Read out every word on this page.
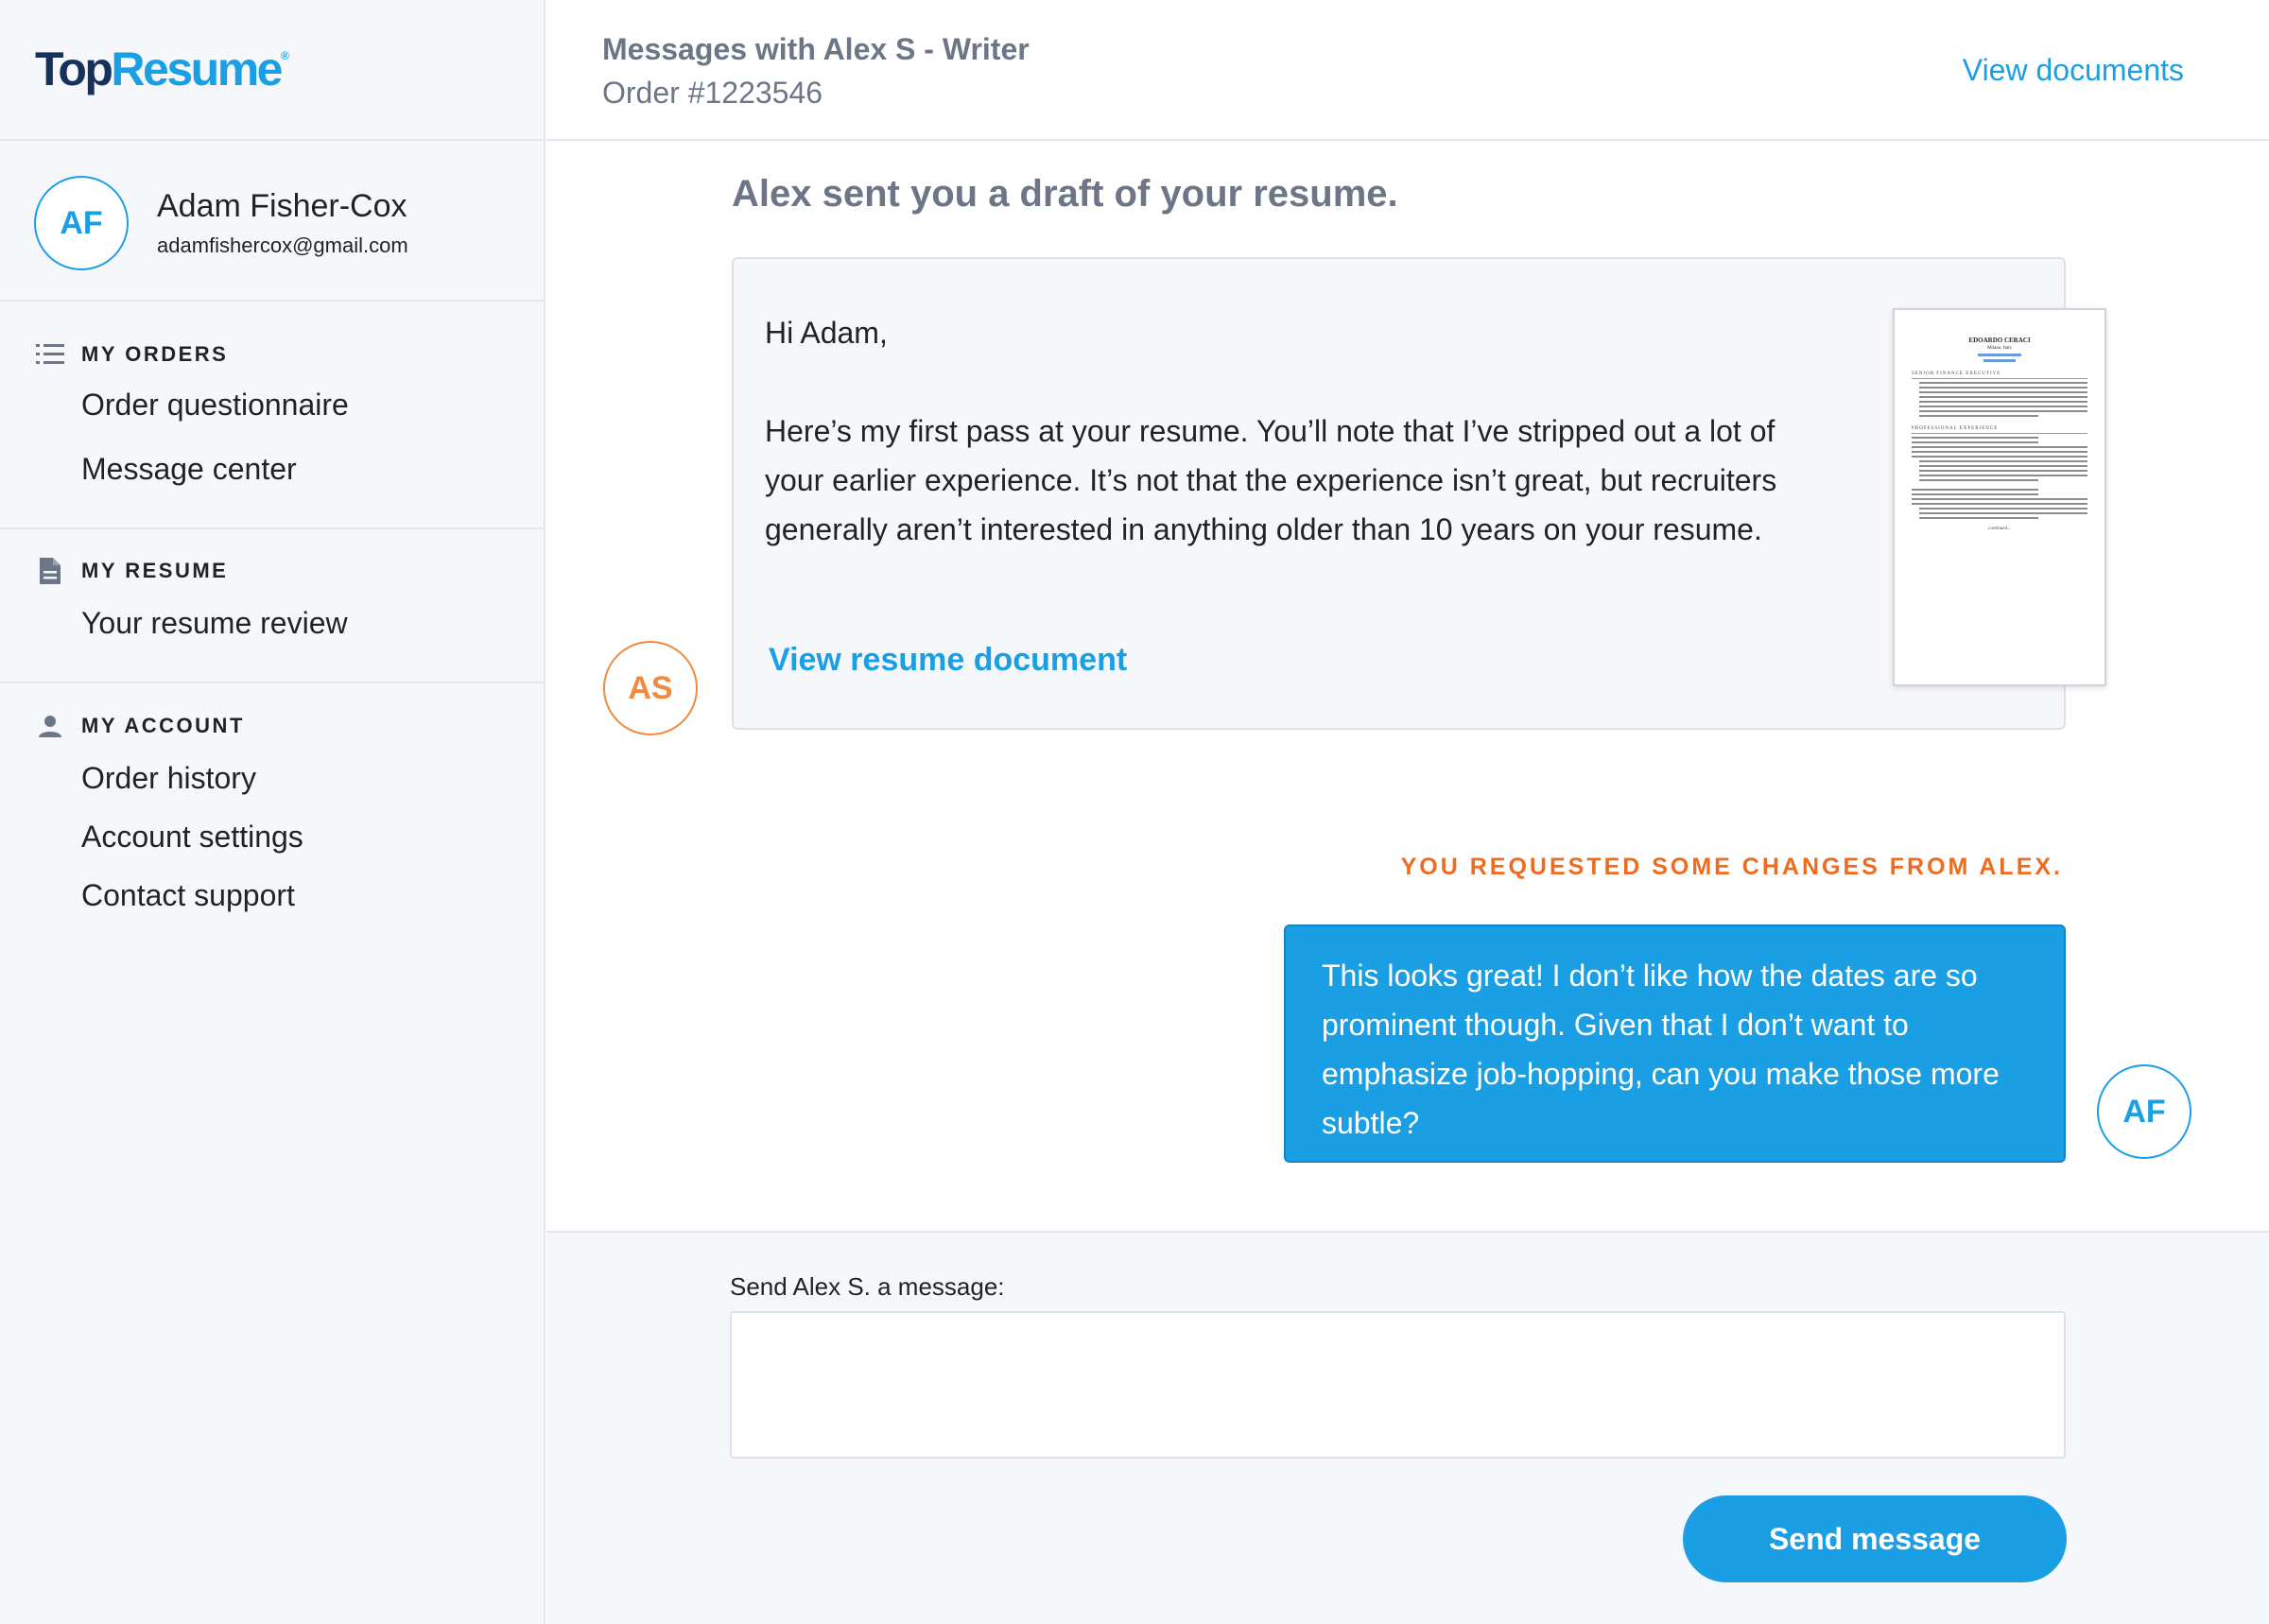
TopResume®
AF	Adam Fisher-Cox
adamfishercox@gmail.com
MY ORDERS
Order questionnaire
Message center
MY RESUME
Your resume review
MY ACCOUNT
Order history
Account settings
Contact support
Messages with Alex S - Writer
Order #1223546
View documents
Alex sent you a draft of your resume.
AS
Hi Adam,
Here’s my first pass at your resume. You’ll note that I’ve stripped out a lot of your earlier experience. It’s not that the experience isn’t great, but recruiters generally aren’t interested in anything older than 10 years on your resume.
View resume document
EDOARDO CERACI
Milano, Italy
SENIOR FINANCE EXECUTIVE
PROFESSIONAL EXPERIENCE
continued...
YOU REQUESTED SOME CHANGES FROM ALEX.
This looks great! I don’t like how the dates are so prominent though. Given that I don’t want to emphasize job-hopping, can you make those more subtle?	AF
Send Alex S. a message:
Send message
